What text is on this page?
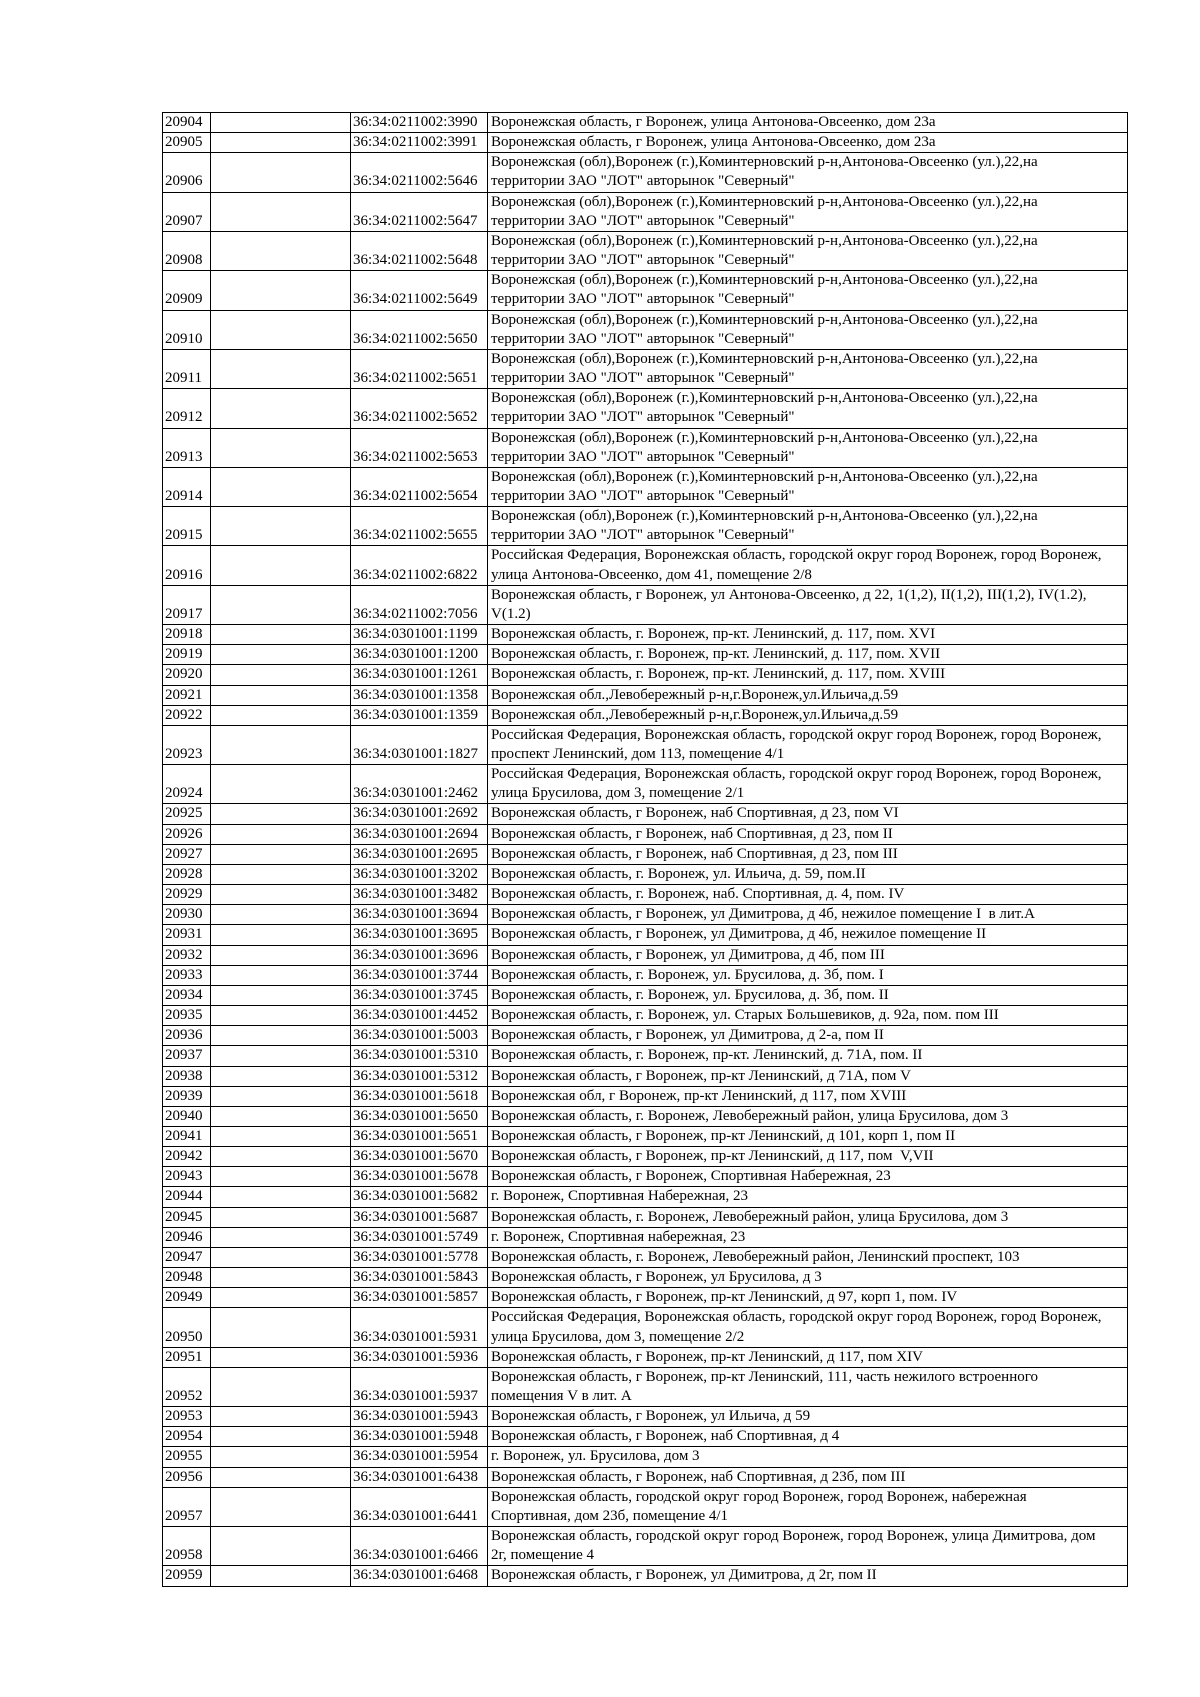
20904		36:34:0211002:3990	Воронежская область, г Воронеж, улица Антонова-Овсеенко, дом 23а
20905		36:34:0211002:3991	Воронежская область, г Воронеж, улица Антонова-Овсеенко, дом 23а
20906		36:34:0211002:5646	Воронежская (обл),Воронеж (г.),Коминтерновский р-н,Антонова-Овсеенко (ул.),22,на
территории ЗАО "ЛОТ" авторынок "Северный"
20907		36:34:0211002:5647	Воронежская (обл),Воронеж (г.),Коминтерновский р-н,Антонова-Овсеенко (ул.),22,на
территории ЗАО "ЛОТ" авторынок "Северный"
20908		36:34:0211002:5648	Воронежская (обл),Воронеж (г.),Коминтерновский р-н,Антонова-Овсеенко (ул.),22,на
территории ЗАО "ЛОТ" авторынок "Северный"
20909		36:34:0211002:5649	Воронежская (обл),Воронеж (г.),Коминтерновский р-н,Антонова-Овсеенко (ул.),22,на
территории ЗАО "ЛОТ" авторынок "Северный"
20910		36:34:0211002:5650	Воронежская (обл),Воронеж (г.),Коминтерновский р-н,Антонова-Овсеенко (ул.),22,на
территории ЗАО "ЛОТ" авторынок "Северный"
20911		36:34:0211002:5651	Воронежская (обл),Воронеж (г.),Коминтерновский р-н,Антонова-Овсеенко (ул.),22,на
территории ЗАО "ЛОТ" авторынок "Северный"
20912		36:34:0211002:5652	Воронежская (обл),Воронеж (г.),Коминтерновский р-н,Антонова-Овсеенко (ул.),22,на
территории ЗАО "ЛОТ" авторынок "Северный"
20913		36:34:0211002:5653	Воронежская (обл),Воронеж (г.),Коминтерновский р-н,Антонова-Овсеенко (ул.),22,на
территории ЗАО "ЛОТ" авторынок "Северный"
20914		36:34:0211002:5654	Воронежская (обл),Воронеж (г.),Коминтерновский р-н,Антонова-Овсеенко (ул.),22,на
территории ЗАО "ЛОТ" авторынок "Северный"
20915		36:34:0211002:5655	Воронежская (обл),Воронеж (г.),Коминтерновский р-н,Антонова-Овсеенко (ул.),22,на
территории ЗАО "ЛОТ" авторынок "Северный"
20916		36:34:0211002:6822	Российская Федерация, Воронежская область, городской округ город Воронеж, город Воронеж,
улица Антонова-Овсеенко, дом 41, помещение 2/8
20917		36:34:0211002:7056	Воронежская область, г Воронеж, ул Антонова-Овсеенко, д 22, 1(1,2), II(1,2), III(1,2), IV(1.2),
V(1.2)
20918		36:34:0301001:1199	Воронежская область, г. Воронеж, пр-кт. Ленинский, д. 117, пом. XVI
20919		36:34:0301001:1200	Воронежская область, г. Воронеж, пр-кт. Ленинский, д. 117, пом. XVII
20920		36:34:0301001:1261	Воронежская область, г. Воронеж, пр-кт. Ленинский, д. 117, пом. XVIII
20921		36:34:0301001:1358	Воронежская обл.,Левобережный р-н,г.Воронеж,ул.Ильича,д.59
20922		36:34:0301001:1359	Воронежская обл.,Левобережный р-н,г.Воронеж,ул.Ильича,д.59
20923		36:34:0301001:1827	Российская Федерация, Воронежская область, городской округ город Воронеж, город Воронеж,
проспект Ленинский, дом 113, помещение 4/1
20924		36:34:0301001:2462	Российская Федерация, Воронежская область, городской округ город Воронеж, город Воронеж,
улица Брусилова, дом 3, помещение 2/1
20925		36:34:0301001:2692	Воронежская область, г Воронеж, наб Спортивная, д 23, пом VI
20926		36:34:0301001:2694	Воронежская область, г Воронеж, наб Спортивная, д 23, пом II
20927		36:34:0301001:2695	Воронежская область, г Воронеж, наб Спортивная, д 23, пом III
20928		36:34:0301001:3202	Воронежская область, г. Воронеж, ул. Ильича, д. 59, пом.II
20929		36:34:0301001:3482	Воронежская область, г. Воронеж, наб. Спортивная, д. 4, пом. IV
20930		36:34:0301001:3694	Воронежская область, г Воронеж, ул Димитрова, д 4б, нежилое помещение I  в лит.А
20931		36:34:0301001:3695	Воронежская область, г Воронеж, ул Димитрова, д 4б, нежилое помещение II
20932		36:34:0301001:3696	Воронежская область, г Воронеж, ул Димитрова, д 4б, пом III
20933		36:34:0301001:3744	Воронежская область, г. Воронеж, ул. Брусилова, д. 3б, пом. I
20934		36:34:0301001:3745	Воронежская область, г. Воронеж, ул. Брусилова, д. 3б, пом. II
20935		36:34:0301001:4452	Воронежская область, г. Воронеж, ул. Старых Большевиков, д. 92а, пом. пом III
20936		36:34:0301001:5003	Воронежская область, г Воронеж, ул Димитрова, д 2-а, пом II
20937		36:34:0301001:5310	Воронежская область, г. Воронеж, пр-кт. Ленинский, д. 71А, пом. II
20938		36:34:0301001:5312	Воронежская область, г Воронеж, пр-кт Ленинский, д 71А, пом V
20939		36:34:0301001:5618	Воронежская обл, г Воронеж, пр-кт Ленинский, д 117, пом XVIII
20940		36:34:0301001:5650	Воронежская область, г. Воронеж, Левобережный район, улица Брусилова, дом 3
20941		36:34:0301001:5651	Воронежская область, г Воронеж, пр-кт Ленинский, д 101, корп 1, пом II
20942		36:34:0301001:5670	Воронежская область, г Воронеж, пр-кт Ленинский, д 117, пом  V,VII
20943		36:34:0301001:5678	Воронежская область, г Воронеж, Спортивная Набережная, 23
20944		36:34:0301001:5682	г. Воронеж, Спортивная Набережная, 23
20945		36:34:0301001:5687	Воронежская область, г. Воронеж, Левобережный район, улица Брусилова, дом 3
20946		36:34:0301001:5749	г. Воронеж, Спортивная набережная, 23
20947		36:34:0301001:5778	Воронежская область, г. Воронеж, Левобережный район, Ленинский проспект, 103
20948		36:34:0301001:5843	Воронежская область, г Воронеж, ул Брусилова, д 3
20949		36:34:0301001:5857	Воронежская область, г Воронеж, пр-кт Ленинский, д 97, корп 1, пом. IV
20950		36:34:0301001:5931	Российская Федерация, Воронежская область, городской округ город Воронеж, город Воронеж,
улица Брусилова, дом 3, помещение 2/2
20951		36:34:0301001:5936	Воронежская область, г Воронеж, пр-кт Ленинский, д 117, пом XIV
20952		36:34:0301001:5937	Воронежская область, г Воронеж, пр-кт Ленинский, 111, часть нежилого встроенного
помещения V в лит. А
20953		36:34:0301001:5943	Воронежская область, г Воронеж, ул Ильича, д 59
20954		36:34:0301001:5948	Воронежская область, г Воронеж, наб Спортивная, д 4
20955		36:34:0301001:5954	г. Воронеж, ул. Брусилова, дом 3
20956		36:34:0301001:6438	Воронежская область, г Воронеж, наб Спортивная, д 23б, пом III
20957		36:34:0301001:6441	Воронежская область, городской округ город Воронеж, город Воронеж, набережная
Спортивная, дом 23б, помещение 4/1
20958		36:34:0301001:6466	Воронежская область, городской округ город Воронеж, город Воронеж, улица Димитрова, дом
2г, помещение 4
20959		36:34:0301001:6468	Воронежская область, г Воронеж, ул Димитрова, д 2г, пом II
